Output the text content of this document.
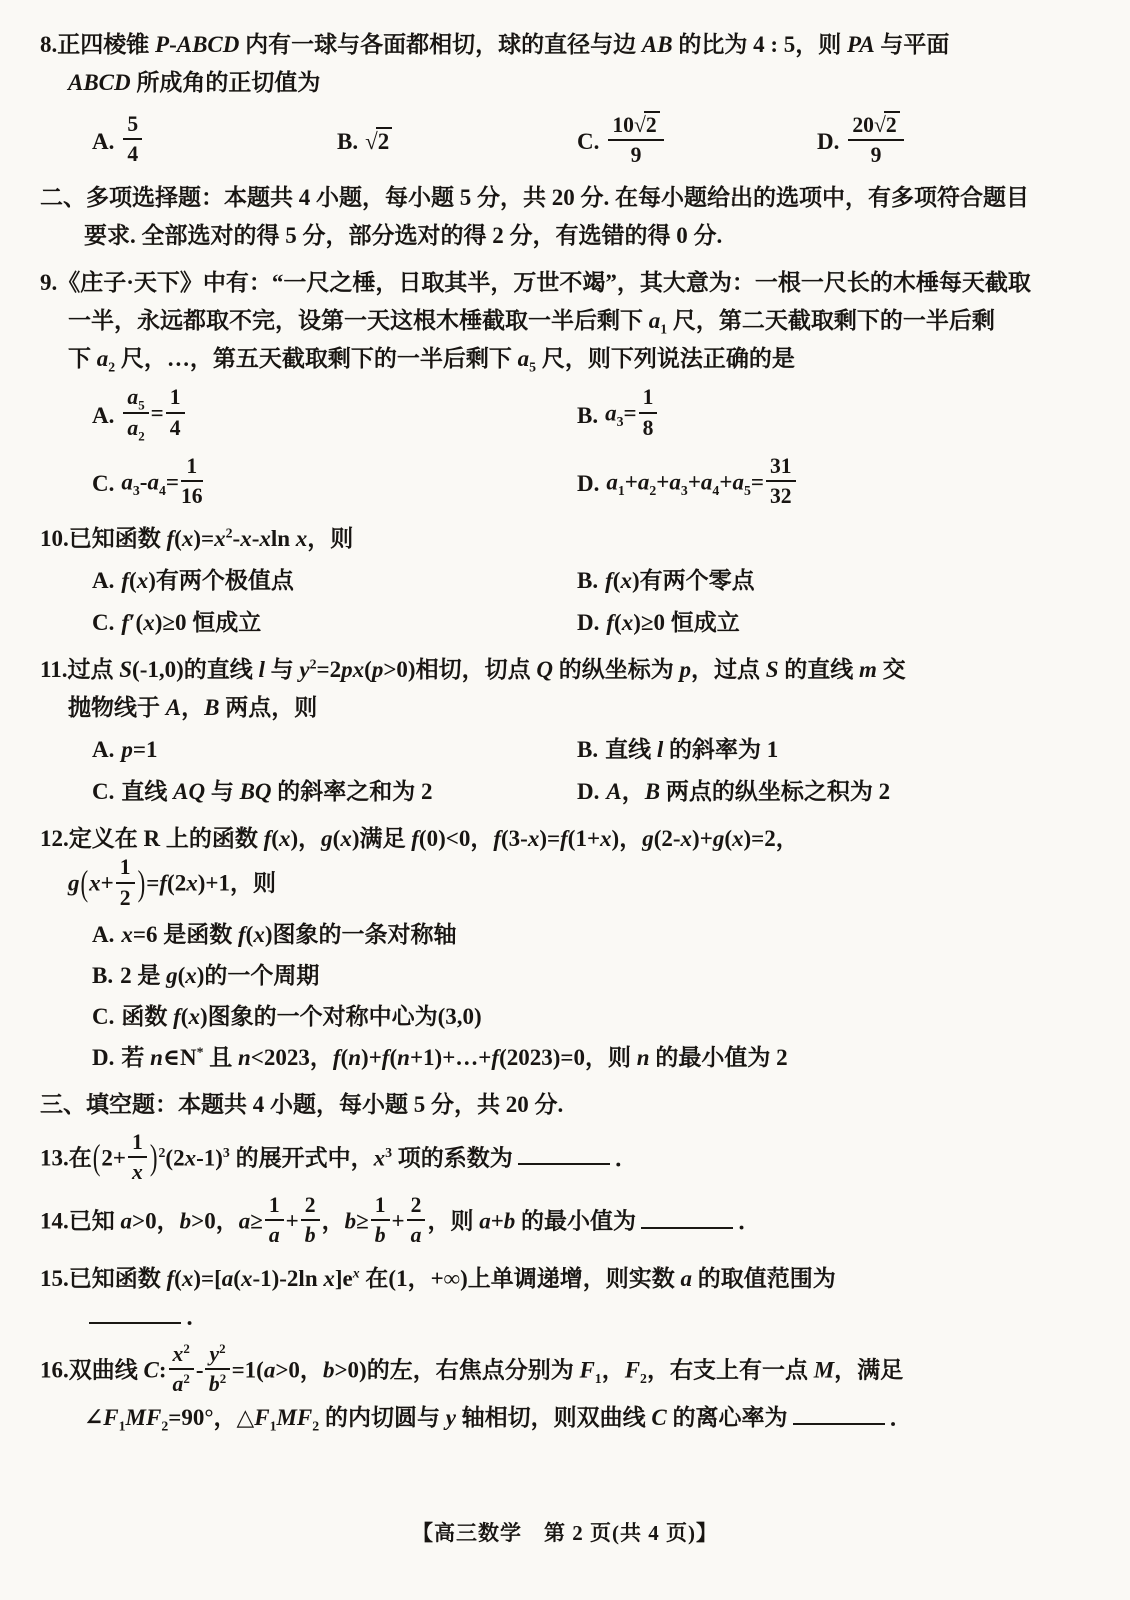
8.正四棱锥 P-ABCD 内有一球与各面都相切，球的直径与边 AB 的比为 4 : 5，则 PA 与平面
ABCD 所成角的正切值为
A. $\frac{5}{4}$	B. √2	C. $\frac{10√2}{9}$	D. $\frac{20√2}{9}$
二、多项选择题：本题共 4 小题，每小题 5 分，共 20 分. 在每小题给出的选项中，有多项符合题目
要求. 全部选对的得 5 分，部分选对的得 2 分，有选错的得 0 分.
9.《庄子·天下》中有：“一尺之棰，日取其半，万世不竭”，其大意为：一根一尺长的木棰每天截取
一半，永远都取不完，设第一天这根木棰截取一半后剩下 $a_1$ 尺，第二天截取剩下的一半后剩
下 $a_2$ 尺，…，第五天截取剩下的一半后剩下 $a_5$ 尺，则下列说法正确的是
A. $\frac{a_5}{a_2} = \frac{1}{4}$	B. $a_3= \frac{1}{8}$
C. $a_3-a_4= \frac{1}{16}$	D. $a_1+a_2+a_3+a_4+a_5= \frac{31}{32}$
10.已知函数 $f(x)=x^2-x$-xln x，则
A. f(x)有两个极值点	B. f(x)有两个零点
C. f′(x)≥0 恒成立	D. f(x)≥0 恒成立
11.过点 S(-1,0)的直线 l 与 $y^2=2px(p>0)$相切，切点 Q 的纵坐标为 p，过点 S 的直线 m 交
抛物线于 A，B 两点，则
A. p=1	B. 直线 l 的斜率为 1
C. 直线 AQ 与 BQ 的斜率之和为 2	D. A，B 两点的纵坐标之积为 2
12.定义在 R 上的函数 f(x)，g(x)满足 f(0)<0，f(3-x)=f(1+x)，g(2-x)+g(x)=2，
$g(x+ \frac{1}{2} )=f(2x)+1$，则
A. x=6 是函数 f(x)图象的一条对称轴
B. 2 是 g(x)的一个周期
C. 函数 f(x)图象的一个对称中心为(3,0)
D. 若 n∈N* 且 n<2023，f(n)+f(n+1)+…+f(2023)=0，则 n 的最小值为 2
三、填空题：本题共 4 小题，每小题 5 分，共 20 分.
13.在$(2+ \frac{1}{x} )^2(2x-1)^3$ 的展开式中，$x^3$ 项的系数为	．
14.已知 a>0，b>0，$a\ge \frac{1}{a} + \frac{2}{b}$ ，$b\ge \frac{1}{b} + \frac{2}{a}$ ，则 a+b 的最小值为	．
15.已知函数 f(x)=[a(x-1)-2ln $x]e^x$ 在(1，+∞)上单调递增，则实数 a 的取值范围为
．
16.双曲线 C: $\frac{x^2}{a^2} - \frac{y^2}{b^2} =1(a>0$，b>0)的左，右焦点分别为 $F_1$，$F_2$，右支上有一点 M，满足
$\angle F_1MF_2=90^\circ$，$\triangle F_1MF_2$ 的内切圆与 y 轴相切，则双曲线 C 的离心率为	．
【高三数学　第 2 页(共 4 页)】
